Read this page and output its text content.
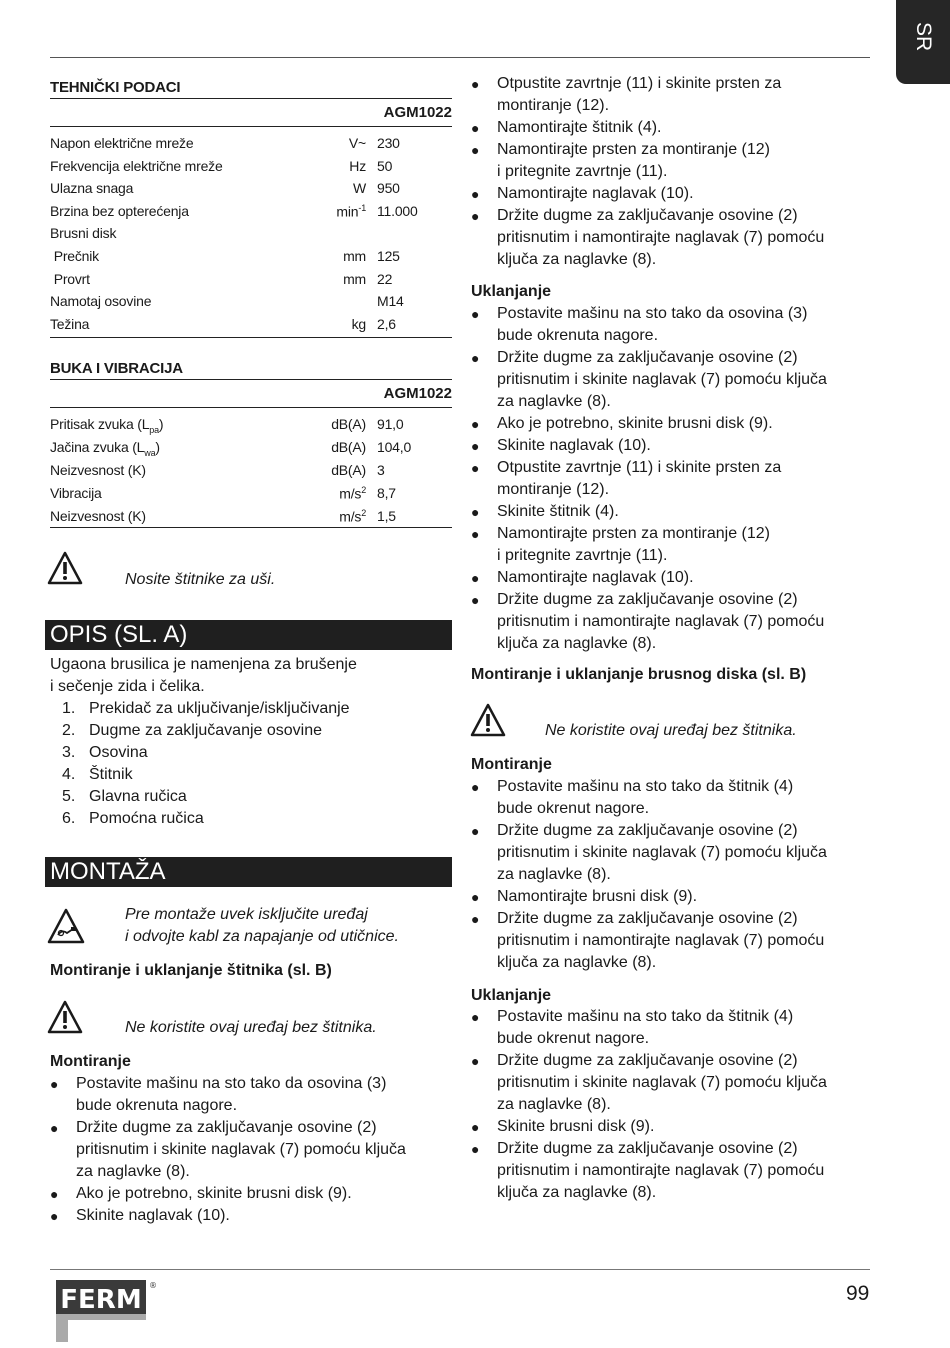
SR
TEHNIČKI PODACI
AGM1022
Napon električne mreže	V~ 230
Frekvencija električne mreže	Hz 50
Ulazna snaga	W 950
Brzina bez opterećenja	$\min^{-1} 11.000$
Brusni disk
Prečnik	mm 125
Provrt	mm 22
Namotaj osovine	M14
Težina	kg 2,6
BUKA I VIBRACIJA
AGM1022
Pritisak zvuka $(L_{pa})$	dB(A) 91,0
Jačina zvuka $(L_{wa})$	dB(A) 104,0
Neizvesnost (K)	dB(A) 3
Vibracija	$m/s^2$ 8,7
Neizvesnost (K)	$m/s^2$ 1,5
Nosite štitnike za uši.
OPIS (SL. A)
Ugaona brusilica je namenjena za brušenje
i sečenje zida i čelika.
1. Prekidač za uključivanje/isključivanje
2. Dugme za zaključavanje osovine
3. Osovina
4. Štitnik
5. Glavna ručica
6. Pomoćna ručica
MONTAŽA
Pre montaže uvek isključite uređaj
i odvojte kabl za napajanje od utičnice.
Montiranje i uklanjanje štitnika (sl. B)
Ne koristite ovaj uređaj bez štitnika.
Montiranje
● Postavite mašinu na sto tako da osovina (3)
bude okrenuta nagore.
● Držite dugme za zaključavanje osovine (2)
pritisnutim i skinite naglavak (7) pomoću ključa
za naglavke (8).
● Ako je potrebno, skinite brusni disk (9).
● Skinite naglavak (10).
● Otpustite zavrtnje (11) i skinite prsten za
montiranje (12).
● Namontirajte štitnik (4).
● Namontirajte prsten za montiranje (12)
i pritegnite zavrtnje (11).
● Namontirajte naglavak (10).
● Držite dugme za zaključavanje osovine (2)
pritisnutim i namontirajte naglavak (7) pomoću
ključa za naglavke (8).
Uklanjanje
● Postavite mašinu na sto tako da osovina (3)
bude okrenuta nagore.
● Držite dugme za zaključavanje osovine (2)
pritisnutim i skinite naglavak (7) pomoću ključa
za naglavke (8).
● Ako je potrebno, skinite brusni disk (9).
● Skinite naglavak (10).
● Otpustite zavrtnje (11) i skinite prsten za
montiranje (12).
● Skinite štitnik (4).
● Namontirajte prsten za montiranje (12)
i pritegnite zavrtnje (11).
● Namontirajte naglavak (10).
● Držite dugme za zaključavanje osovine (2)
pritisnutim i namontirajte naglavak (7) pomoću
ključa za naglavke (8).
Montiranje i uklanjanje brusnog diska (sl. B)
Ne koristite ovaj uređaj bez štitnika.
Montiranje
● Postavite mašinu na sto tako da štitnik (4)
bude okrenut nagore.
● Držite dugme za zaključavanje osovine (2)
pritisnutim i skinite naglavak (7) pomoću ključa
za naglavke (8).
● Namontirajte brusni disk (9).
● Držite dugme za zaključavanje osovine (2)
pritisnutim i namontirajte naglavak (7) pomoću
ključa za naglavke (8).
Uklanjanje
● Postavite mašinu na sto tako da štitnik (4)
bude okrenut nagore.
● Držite dugme za zaključavanje osovine (2)
pritisnutim i skinite naglavak (7) pomoću ključa
za naglavke (8).
● Skinite brusni disk (9).
● Držite dugme za zaključavanje osovine (2)
pritisnutim i namontirajte naglavak (7) pomoću
ključa za naglavke (8).
FERM ®	99
